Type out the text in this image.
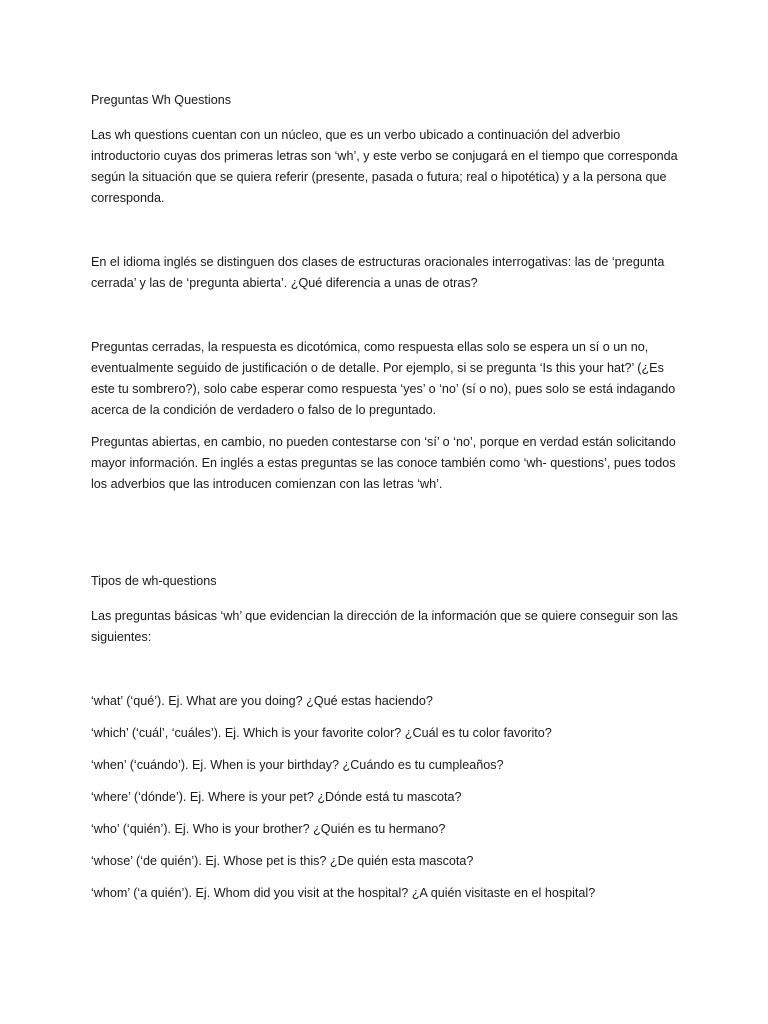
Preguntas Wh Questions

Las wh questions cuentan con un núcleo, que es un verbo ubicado a continuación del adverbio introductorio cuyas dos primeras letras son ‘wh’, y este verbo se conjugará en el tiempo que corresponda según la situación que se quiera referir (presente, pasada o futura; real o hipotética) y a la persona que corresponda.

En el idioma inglés se distinguen dos clases de estructuras oracionales interrogativas: las de ‘pregunta cerrada’ y las de ‘pregunta abierta’. ¿Qué diferencia a unas de otras?

Preguntas cerradas, la respuesta es dicotómica, como respuesta ellas solo se espera un sí o un no, eventualmente seguido de justificación o de detalle. Por ejemplo, si se pregunta ‘Is this your hat?’ (¿Es este tu sombrero?), solo cabe esperar como respuesta ‘yes’ o ‘no’ (sí o no), pues solo se está indagando acerca de la condición de verdadero o falso de lo preguntado.

Preguntas abiertas, en cambio, no pueden contestarse con ‘sí’ o ‘no’, porque en verdad están solicitando mayor información. En inglés a estas preguntas se las conoce también como ‘wh- questions’, pues todos los adverbios que las introducen comienzan con las letras ‘wh’.

Tipos de wh-questions

Las preguntas básicas ‘wh’ que evidencian la dirección de la información que se quiere conseguir son las siguientes:

‘what’ (‘qué’). Ej. What are you doing? ¿Qué estas haciendo?

‘which’ (‘cuál’, ‘cuáles’). Ej. Which is your favorite color? ¿Cuál es tu color favorito?

‘when’ (‘cuándo’). Ej. When is your birthday? ¿Cuándo es tu cumpleaños?

‘where’ (‘dónde’). Ej. Where is your pet? ¿Dónde está tu mascota?

‘who’ (‘quién’). Ej. Who is your brother? ¿Quién es tu hermano?

‘whose’ (‘de quién’). Ej. Whose pet is this? ¿De quién esta mascota?

‘whom’ (‘a quién’). Ej. Whom did you visit at the hospital? ¿A quién visitaste en el hospital?
